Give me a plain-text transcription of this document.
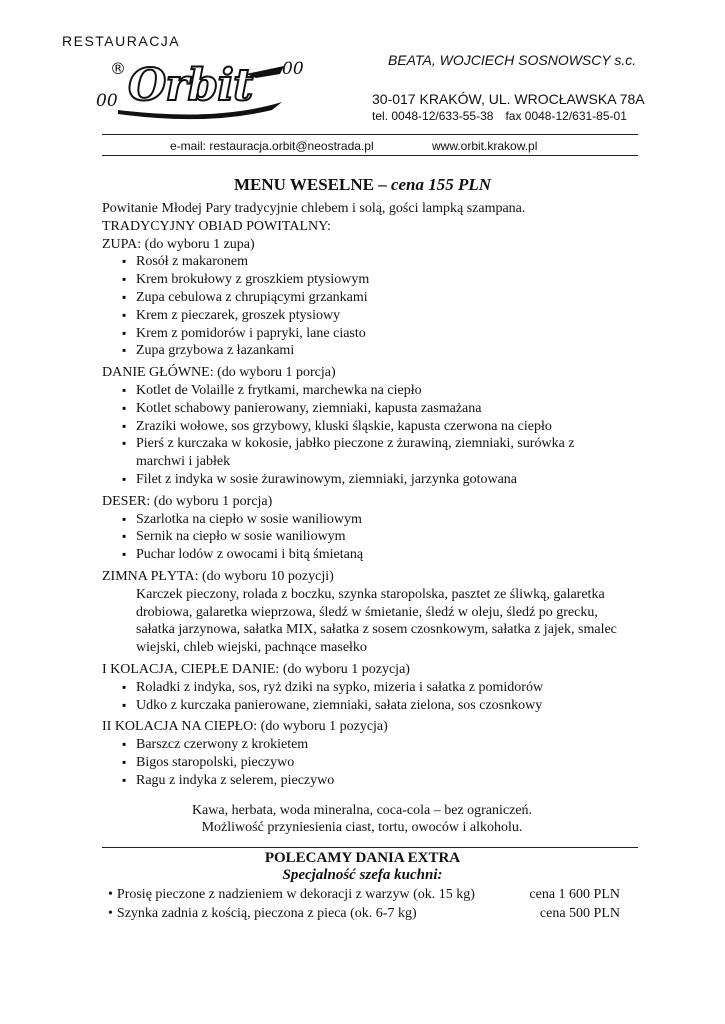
RESTAURACJA
®
00
00
Orbit	BEATA, WOJCIECH SOSNOWSCY s.c.
30-017 KRAKÓW, UL. WROCŁAWSKA 78A
tel. 0048-12/633-55-38 fax 0048-12/631-85-01
e-mail: restauracja.orbit@neostrada.pl	www.orbit.krakow.pl
MENU WESELNE – cena 155 PLN

Powitanie Młodej Pary tradycyjnie chlebem i solą, gości lampką szampana.

TRADYCYJNY OBIAD POWITALNY:

ZUPA: (do wyboru 1 zupa)

▪ Rosół z makaronem
▪ Krem brokułowy z groszkiem ptysiowym
▪ Zupa cebulowa z chrupiącymi grzankami
▪ Krem z pieczarek, groszek ptysiowy
▪ Krem z pomidorów i papryki, lane ciasto
▪ Zupa grzybowa z łazankami

DANIE GŁÓWNE: (do wyboru 1 porcja)

▪ Kotlet de Volaille z frytkami, marchewka na ciepło
▪ Kotlet schabowy panierowany, ziemniaki, kapusta zasmażana
▪ Zraziki wołowe, sos grzybowy, kluski śląskie, kapusta czerwona na ciepło
▪ Pierś z kurczaka w kokosie, jabłko pieczone z żurawiną, ziemniaki, surówka z marchwi i jabłek
▪ Filet z indyka w sosie żurawinowym, ziemniaki, jarzynka gotowana

DESER: (do wyboru 1 porcja)

▪ Szarlotka na ciepło w sosie waniliowym
▪ Sernik na ciepło w sosie waniliowym
▪ Puchar lodów z owocami i bitą śmietaną

ZIMNA PŁYTA: (do wyboru 10 pozycji)

Karczek pieczony, rolada z boczku, szynka staropolska, pasztet ze śliwką, galaretka drobiowa, galaretka wieprzowa, śledź w śmietanie, śledź w oleju, śledź po grecku, sałatka jarzynowa, sałatka MIX, sałatka z sosem czosnkowym, sałatka z jajek, smalec wiejski, chleb wiejski, pachnące masełko

I KOLACJA, CIEPŁE DANIE: (do wyboru 1 pozycja)

▪ Roladki z indyka, sos, ryż dziki na sypko, mizeria i sałatka z pomidorów
▪ Udko z kurczaka panierowane, ziemniaki, sałata zielona, sos czosnkowy

II KOLACJA NA CIEPŁO: (do wyboru 1 pozycja)

▪ Barszcz czerwony z krokietem
▪ Bigos staropolski, pieczywo
▪ Ragu z indyka z selerem, pieczywo

Kawa, herbata, woda mineralna, coca-cola – bez ograniczeń.

Możliwość przyniesienia ciast, tortu, owoców i alkoholu.

POLECAMY DANIA EXTRA
Specjalność szefa kuchni:
• Prosię pieczone z nadzieniem w dekoracji z warzyw (ok. 15 kg)	cena 1 600 PLN
• Szynka zadnia z kością, pieczona z pieca (ok. 6-7 kg)	cena 500 PLN
